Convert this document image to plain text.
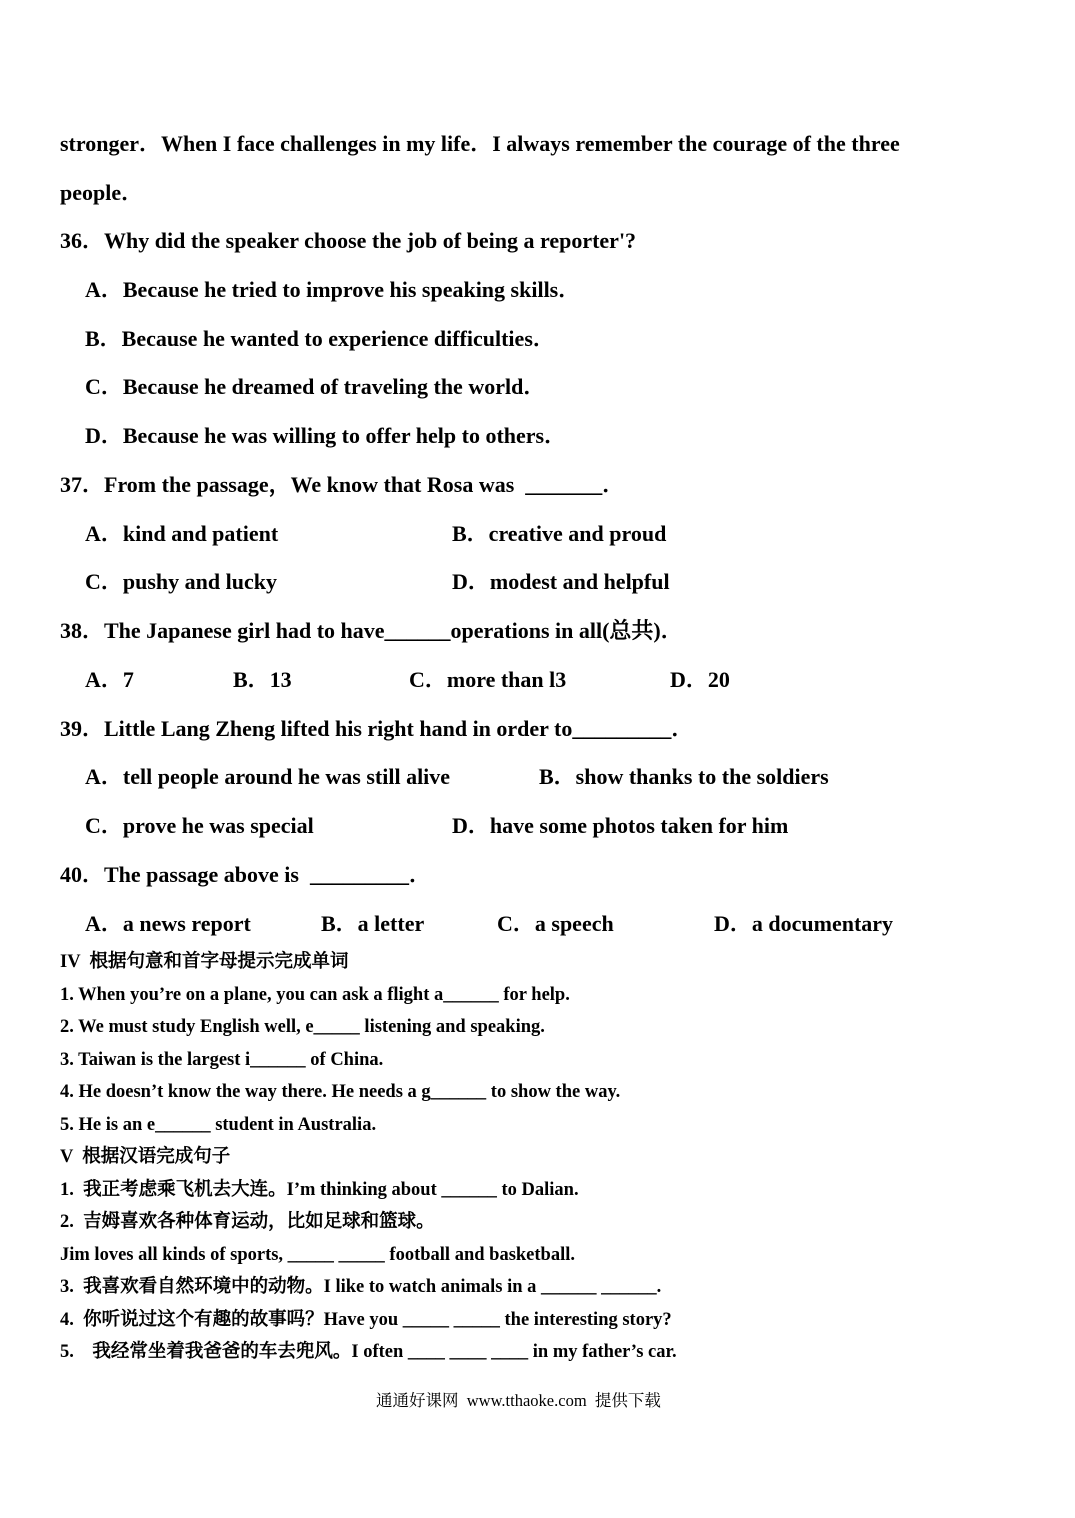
stronger．When I face challenges in my life．I always remember the courage of the three
people．
36．Why did the speaker choose the job of being a reporter'?
A．Because he tried to improve his speaking skills．
B．Because he wanted to experience difficulties．
C．Because he dreamed of traveling the world．
D．Because he was willing to offer help to others．
37．From the passage，We know that Rosa was  _______．
A．kind and patient	B．creative and proud
C．pushy and lucky	D．modest and helpful
38．The Japanese girl had to have______operations in all(总共)．
A．7	B．13	C．more than l3	D．20
39．Little Lang Zheng lifted his right hand in order to_________．
A．tell people around he was still alive	B．show thanks to the soldiers
C．prove he was special	D．have some photos taken for him
40．The passage above is  _________．
A．a news report	B．a letter	C．a speech	D．a documentary
IV  根据句意和首字母提示完成单词
1. When you’re on a plane, you can ask a flight a______ for help.
2. We must study English well, e_____ listening and speaking.
3. Taiwan is the largest i______ of China.
4. He doesn’t know the way there. He needs a g______ to show the way.
5. He is an e______ student in Australia.
V  根据汉语完成句子
1.  我正考虑乘飞机去大连。I’m thinking about ______ to Dalian.
2.  吉姆喜欢各种体育运动，比如足球和篮球。
Jim loves all kinds of sports, _____ _____ football and basketball.
3.  我喜欢看自然环境中的动物。I like to watch animals in a ______ ______.
4.  你听说过这个有趣的故事吗？Have you _____ _____ the interesting story?
5.    我经常坐着我爸爸的车去兜风。I often ____ ____ ____ in my father’s car.
通通好课网  www.tthaoke.com  提供下载
